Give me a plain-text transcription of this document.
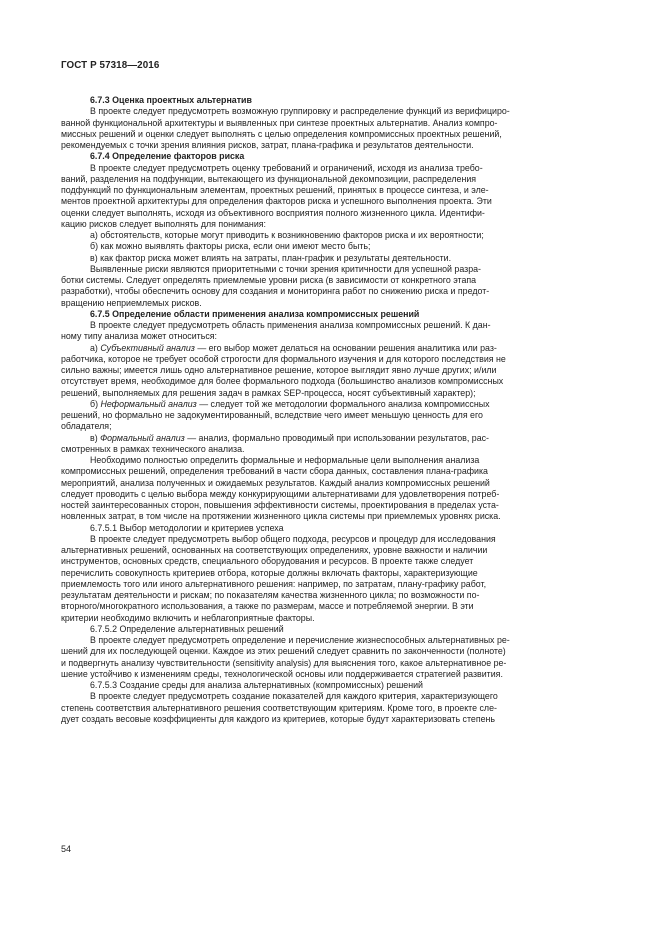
ГОСТ Р 57318—2016

6.7.3 Оценка проектных альтернатив

В проекте следует предусмотреть возможную группировку и распределение функций из верифициро-
ванной функциональной архитектуры и выявленных при синтезе проектных альтернатив. Анализ компро-
миссных решений и оценки следует выполнять с целью определения компромиссных проектных решений,
рекомендуемых с точки зрения влияния рисков, затрат, плана-графика и результатов деятельности.

6.7.4 Определение факторов риска

В проекте следует предусмотреть оценку требований и ограничений, исходя из анализа требо-
ваний, разделения на подфункции, вытекающего из функциональной декомпозиции, распределения
подфункций по функциональным элементам, проектных решений, принятых в процессе синтеза, и эле-
ментов проектной архитектуры для определения факторов риска и успешного выполнения проекта. Эти
оценки следует выполнять, исходя из объективного восприятия полного жизненного цикла. Идентифи-
кацию рисков следует выполнять для понимания:

а) обстоятельств, которые могут приводить к возникновению факторов риска и их вероятности;

б) как можно выявлять факторы риска, если они имеют место быть;

в) как фактор риска может влиять на затраты, план-график и результаты деятельности.

Выявленные риски являются приоритетными с точки зрения критичности для успешной разра-
ботки системы. Следует определять приемлемые уровни риска (в зависимости от конкретного этапа
разработки), чтобы обеспечить основу для создания и мониторинга работ по снижению риска и предот-
вращению неприемлемых рисков.

6.7.5 Определение области применения анализа компромиссных решений

В проекте следует предусмотреть область применения анализа компромиссных решений. К дан-
ному типу анализа может относиться:

а) Субъективный анализ — его выбор может делаться на основании решения аналитика или раз-
работчика, которое не требует особой строгости для формального изучения и для которого последствия не
сильно важны; имеется лишь одно альтернативное решение, которое выглядит явно лучше других; и/или
отсутствует время, необходимое для более формального подхода (большинство анализов компромиссных
решений, выполняемых для решения задач в рамках SEP-процесса, носят субъективный характер);

б) Неформальный анализ — следует той же методологии формального анализа компромиссных
решений, но формально не задокументированный, вследствие чего имеет меньшую ценность для его
обладателя;

в) Формальный анализ — анализ, формально проводимый при использовании результатов, рас-
смотренных в рамках технического анализа.

Необходимо полностью определить формальные и неформальные цели выполнения анализа
компромиссных решений, определения требований в части сбора данных, составления плана-графика
мероприятий, анализа полученных и ожидаемых результатов. Каждый анализ компромиссных решений
следует проводить с целью выбора между конкурирующими альтернативами для удовлетворения потреб-
ностей заинтересованных сторон, повышения эффективности системы, проектирования в пределах уста-
новленных затрат, в том числе на протяжении жизненного цикла системы при приемлемых уровнях риска.

6.7.5.1 Выбор методологии и критериев успеха

В проекте следует предусмотреть выбор общего подхода, ресурсов и процедур для исследования
альтернативных решений, основанных на соответствующих определениях, уровне важности и наличии
инструментов, основных средств, специального оборудования и ресурсов. В проекте также следует
перечислить совокупность критериев отбора, которые должны включать факторы, характеризующие
приемлемость того или иного альтернативного решения: например, по затратам, плану-графику работ,
результатам деятельности и рискам; по показателям качества жизненного цикла; по возможности по-
вторного/многократного использования, а также по размерам, массе и потребляемой энергии. В эти
критерии необходимо включить и неблагоприятные факторы.

6.7.5.2 Определение альтернативных решений

В проекте следует предусмотреть определение и перечисление жизнеспособных альтернативных ре-
шений для их последующей оценки. Каждое из этих решений следует сравнить по законченности (полноте)
и подвергнуть анализу чувствительности (sensitivity analysis) для выяснения того, какое альтернативное ре-
шение устойчиво к изменениям среды, технологической основы или поддерживается стратегией развития.

6.7.5.3 Создание среды для анализа альтернативных (компромиссных) решений

В проекте следует предусмотреть создание показателей для каждого критерия, характеризующего
степень соответствия альтернативного решения соответствующим критериям. Кроме того, в проекте сле-
дует создать весовые коэффициенты для каждого из критериев, которые будут характеризовать степень

54
